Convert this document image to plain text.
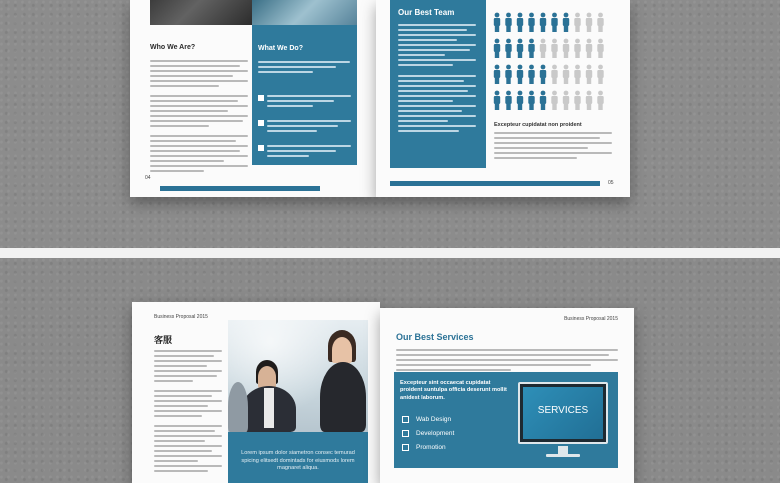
Who We Are?	What We Do?
04
Our Best Team
Excepteur cupidatat non proident
05
Business Proposal 2015
客服
Lorem ipsum dolor siametron consec temurad spicing elitsedt domintads for eiusmods lorem magnaret aliqua.
Business Proposal 2015
Our Best Services
Excepteur sint occaecat cupidatat proident suntulpa officia deserunt mollit anidest laborum.
Wab Design
Development
Promotion
SERVICES
